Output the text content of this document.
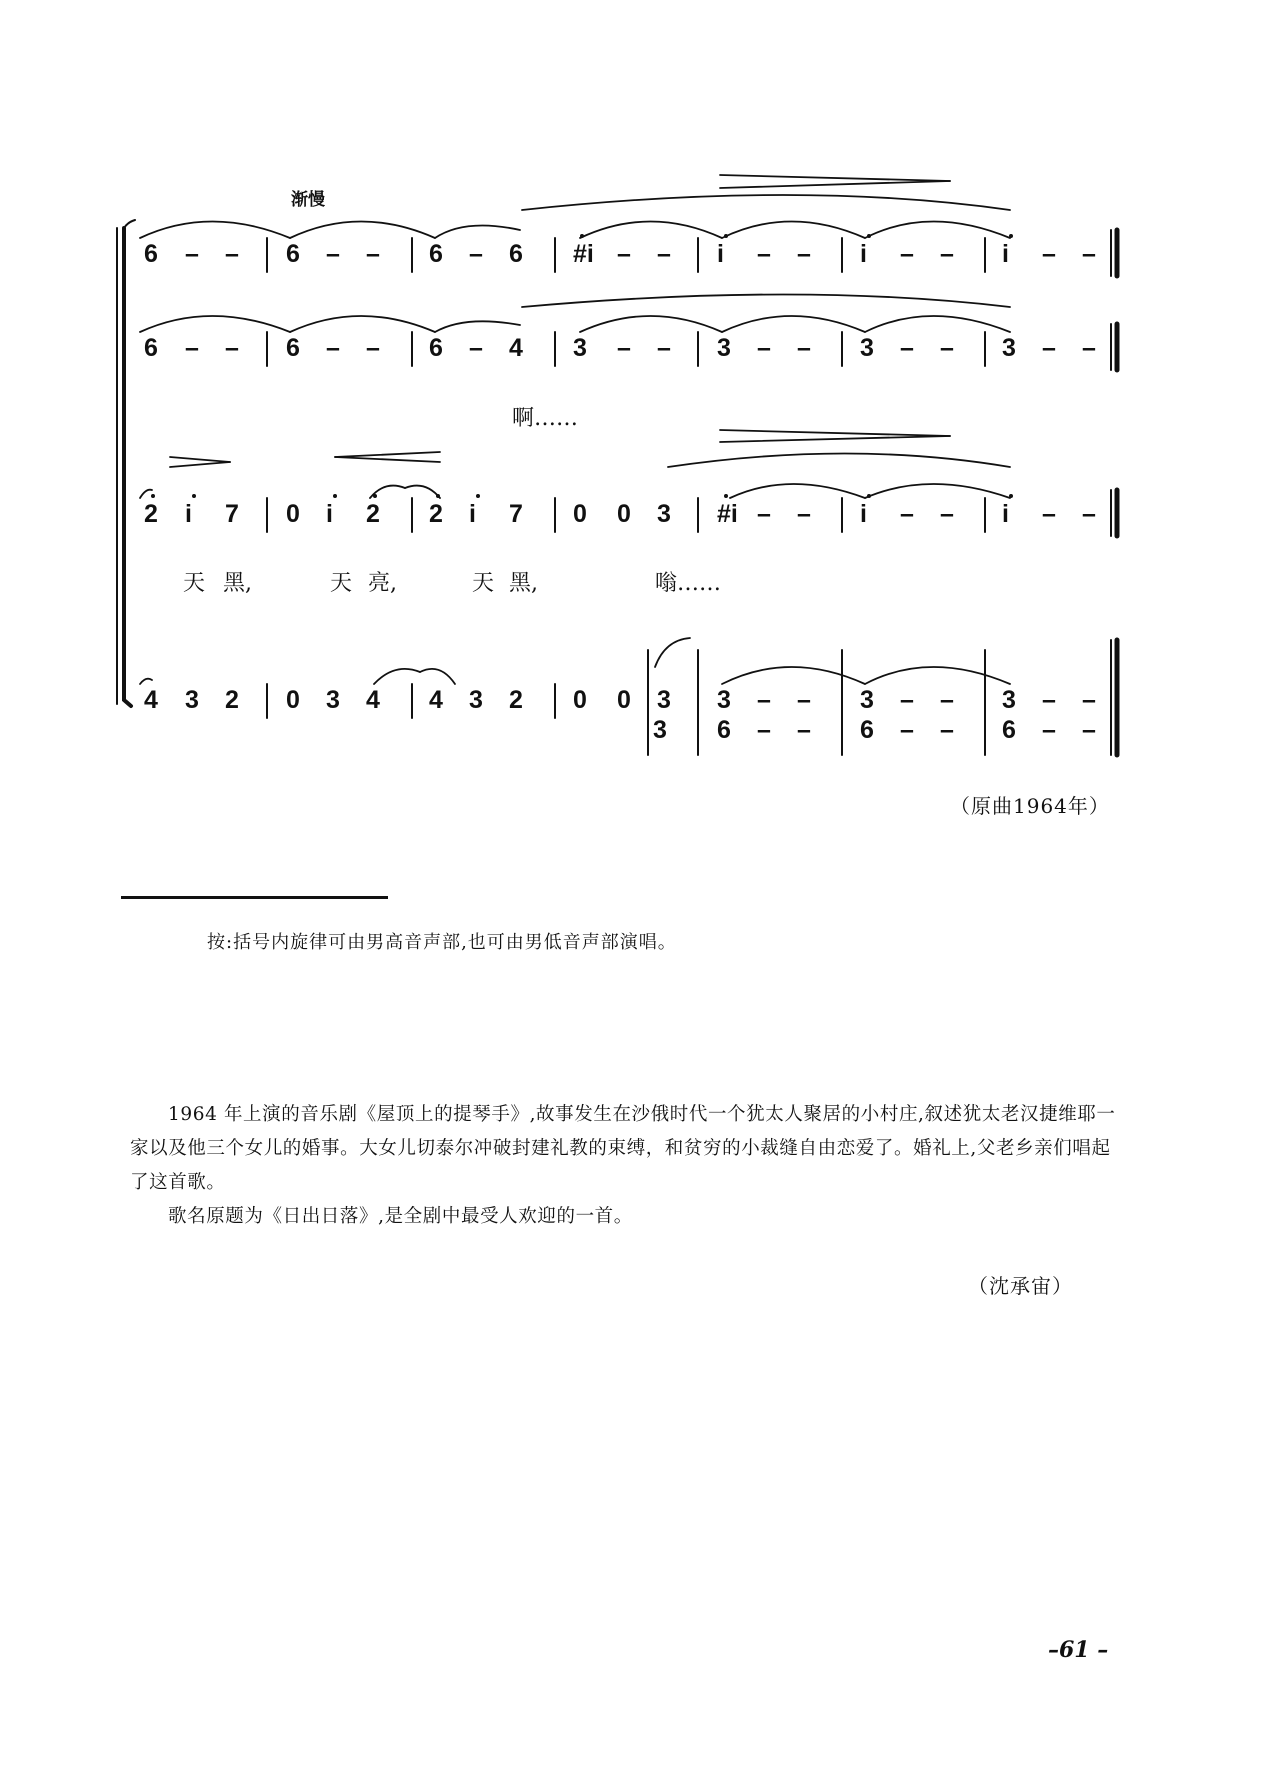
渐慢
6 – – 6 – – 6 – 6 #i – – i – – i – – i – –
6 – – 6 – – 6 – 4 3 – – 3 – – 3 – – 3 – –
2 i 7 0 i 2 2 i 7 0 0 3 #i – – i – – i – –
4 3 2 0 3 4 4 3 2 0 0 3 3 – – 3 – – 3 – –
3 6 – – 6 – – 6 – –
啊……
天 黑,	天 亮,	天 黑,	嗡……
（原曲1964年）
按:括号内旋律可由男高音声部,也可由男低音声部演唱。
1964 年上演的音乐剧《屋顶上的提琴手》,故事发生在沙俄时代一个犹太人聚居的小村庄,叙述犹太老汉捷维耶一家以及他三个女儿的婚事。大女儿切泰尔冲破封建礼教的束缚，和贫穷的小裁缝自由恋爱了。婚礼上,父老乡亲们唱起了这首歌。
歌名原题为《日出日落》,是全剧中最受人欢迎的一首。
（沈承宙）
–61 –
